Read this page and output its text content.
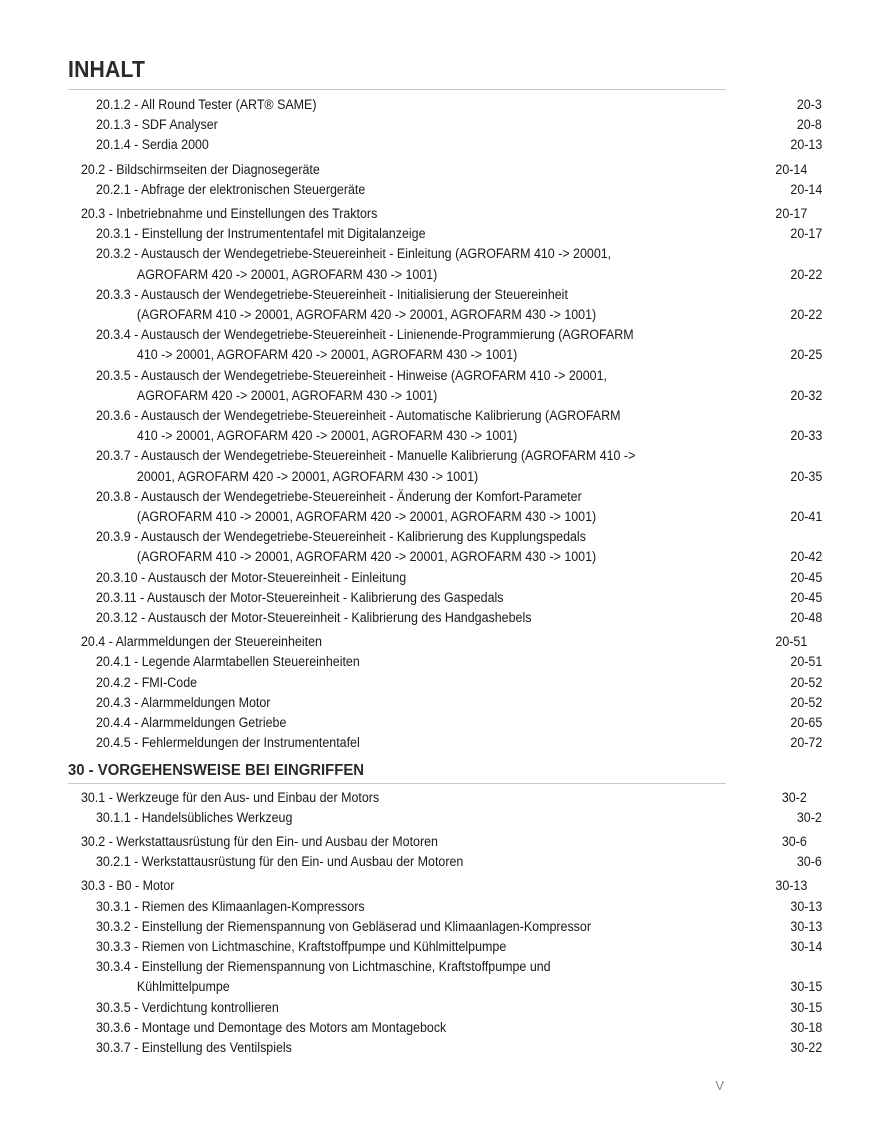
INHALT
20.1.2 - All Round Tester (ART® SAME)	20-3
20.1.3 - SDF Analyser	20-8
20.1.4 - Serdia 2000	20-13
20.2 - Bildschirmseiten der Diagnosegeräte	20-14
20.2.1 - Abfrage der elektronischen Steuergeräte	20-14
20.3 - Inbetriebnahme und Einstellungen des Traktors	20-17
20.3.1 - Einstellung der Instrumententafel mit Digitalanzeige	20-17
20.3.2 - Austausch der Wendegetriebe-Steuereinheit - Einleitung (AGROFARM 410 -> 20001,
AGROFARM 420 -> 20001, AGROFARM 430 -> 1001)	20-22
20.3.3 - Austausch der Wendegetriebe-Steuereinheit - Initialisierung der Steuereinheit
(AGROFARM 410 -> 20001, AGROFARM 420 -> 20001, AGROFARM 430 -> 1001)	20-22
20.3.4 - Austausch der Wendegetriebe-Steuereinheit - Linienende-Programmierung (AGROFARM
410 -> 20001, AGROFARM 420 -> 20001, AGROFARM 430 -> 1001)	20-25
20.3.5 - Austausch der Wendegetriebe-Steuereinheit - Hinweise (AGROFARM 410 -> 20001,
AGROFARM 420 -> 20001, AGROFARM 430 -> 1001)	20-32
20.3.6 - Austausch der Wendegetriebe-Steuereinheit - Automatische Kalibrierung (AGROFARM
410 -> 20001, AGROFARM 420 -> 20001, AGROFARM 430 -> 1001)	20-33
20.3.7 - Austausch der Wendegetriebe-Steuereinheit - Manuelle Kalibrierung (AGROFARM 410 ->
20001, AGROFARM 420 -> 20001, AGROFARM 430 -> 1001)	20-35
20.3.8 - Austausch der Wendegetriebe-Steuereinheit - Änderung der Komfort-Parameter
(AGROFARM 410 -> 20001, AGROFARM 420 -> 20001, AGROFARM 430 -> 1001)	20-41
20.3.9 - Austausch der Wendegetriebe-Steuereinheit - Kalibrierung des Kupplungspedals
(AGROFARM 410 -> 20001, AGROFARM 420 -> 20001, AGROFARM 430 -> 1001)	20-42
20.3.10 - Austausch der Motor-Steuereinheit - Einleitung	20-45
20.3.11 - Austausch der Motor-Steuereinheit - Kalibrierung des Gaspedals	20-45
20.3.12 - Austausch der Motor-Steuereinheit - Kalibrierung des Handgashebels	20-48
20.4 - Alarmmeldungen der Steuereinheiten	20-51
20.4.1 - Legende Alarmtabellen Steuereinheiten	20-51
20.4.2 - FMI-Code	20-52
20.4.3 - Alarmmeldungen Motor	20-52
20.4.4 - Alarmmeldungen Getriebe	20-65
20.4.5 - Fehlermeldungen der Instrumententafel	20-72
30 - VORGEHENSWEISE BEI EINGRIFFEN
30.1 - Werkzeuge für den Aus- und Einbau der Motors	30-2
30.1.1 - Handelsübliches Werkzeug	30-2
30.2 - Werkstattausrüstung für den Ein- und Ausbau der Motoren	30-6
30.2.1 - Werkstattausrüstung für den Ein- und Ausbau der Motoren	30-6
30.3 - B0 - Motor	30-13
30.3.1 - Riemen des Klimaanlagen-Kompressors	30-13
30.3.2 - Einstellung der Riemenspannung von Gebläserad und Klimaanlagen-Kompressor	30-13
30.3.3 - Riemen von Lichtmaschine, Kraftstoffpumpe und Kühlmittelpumpe	30-14
30.3.4 - Einstellung der Riemenspannung von Lichtmaschine, Kraftstoffpumpe und
Kühlmittelpumpe	30-15
30.3.5 - Verdichtung kontrollieren	30-15
30.3.6 - Montage und Demontage des Motors am Montagebock	30-18
30.3.7 - Einstellung des Ventilspiels	30-22
V
